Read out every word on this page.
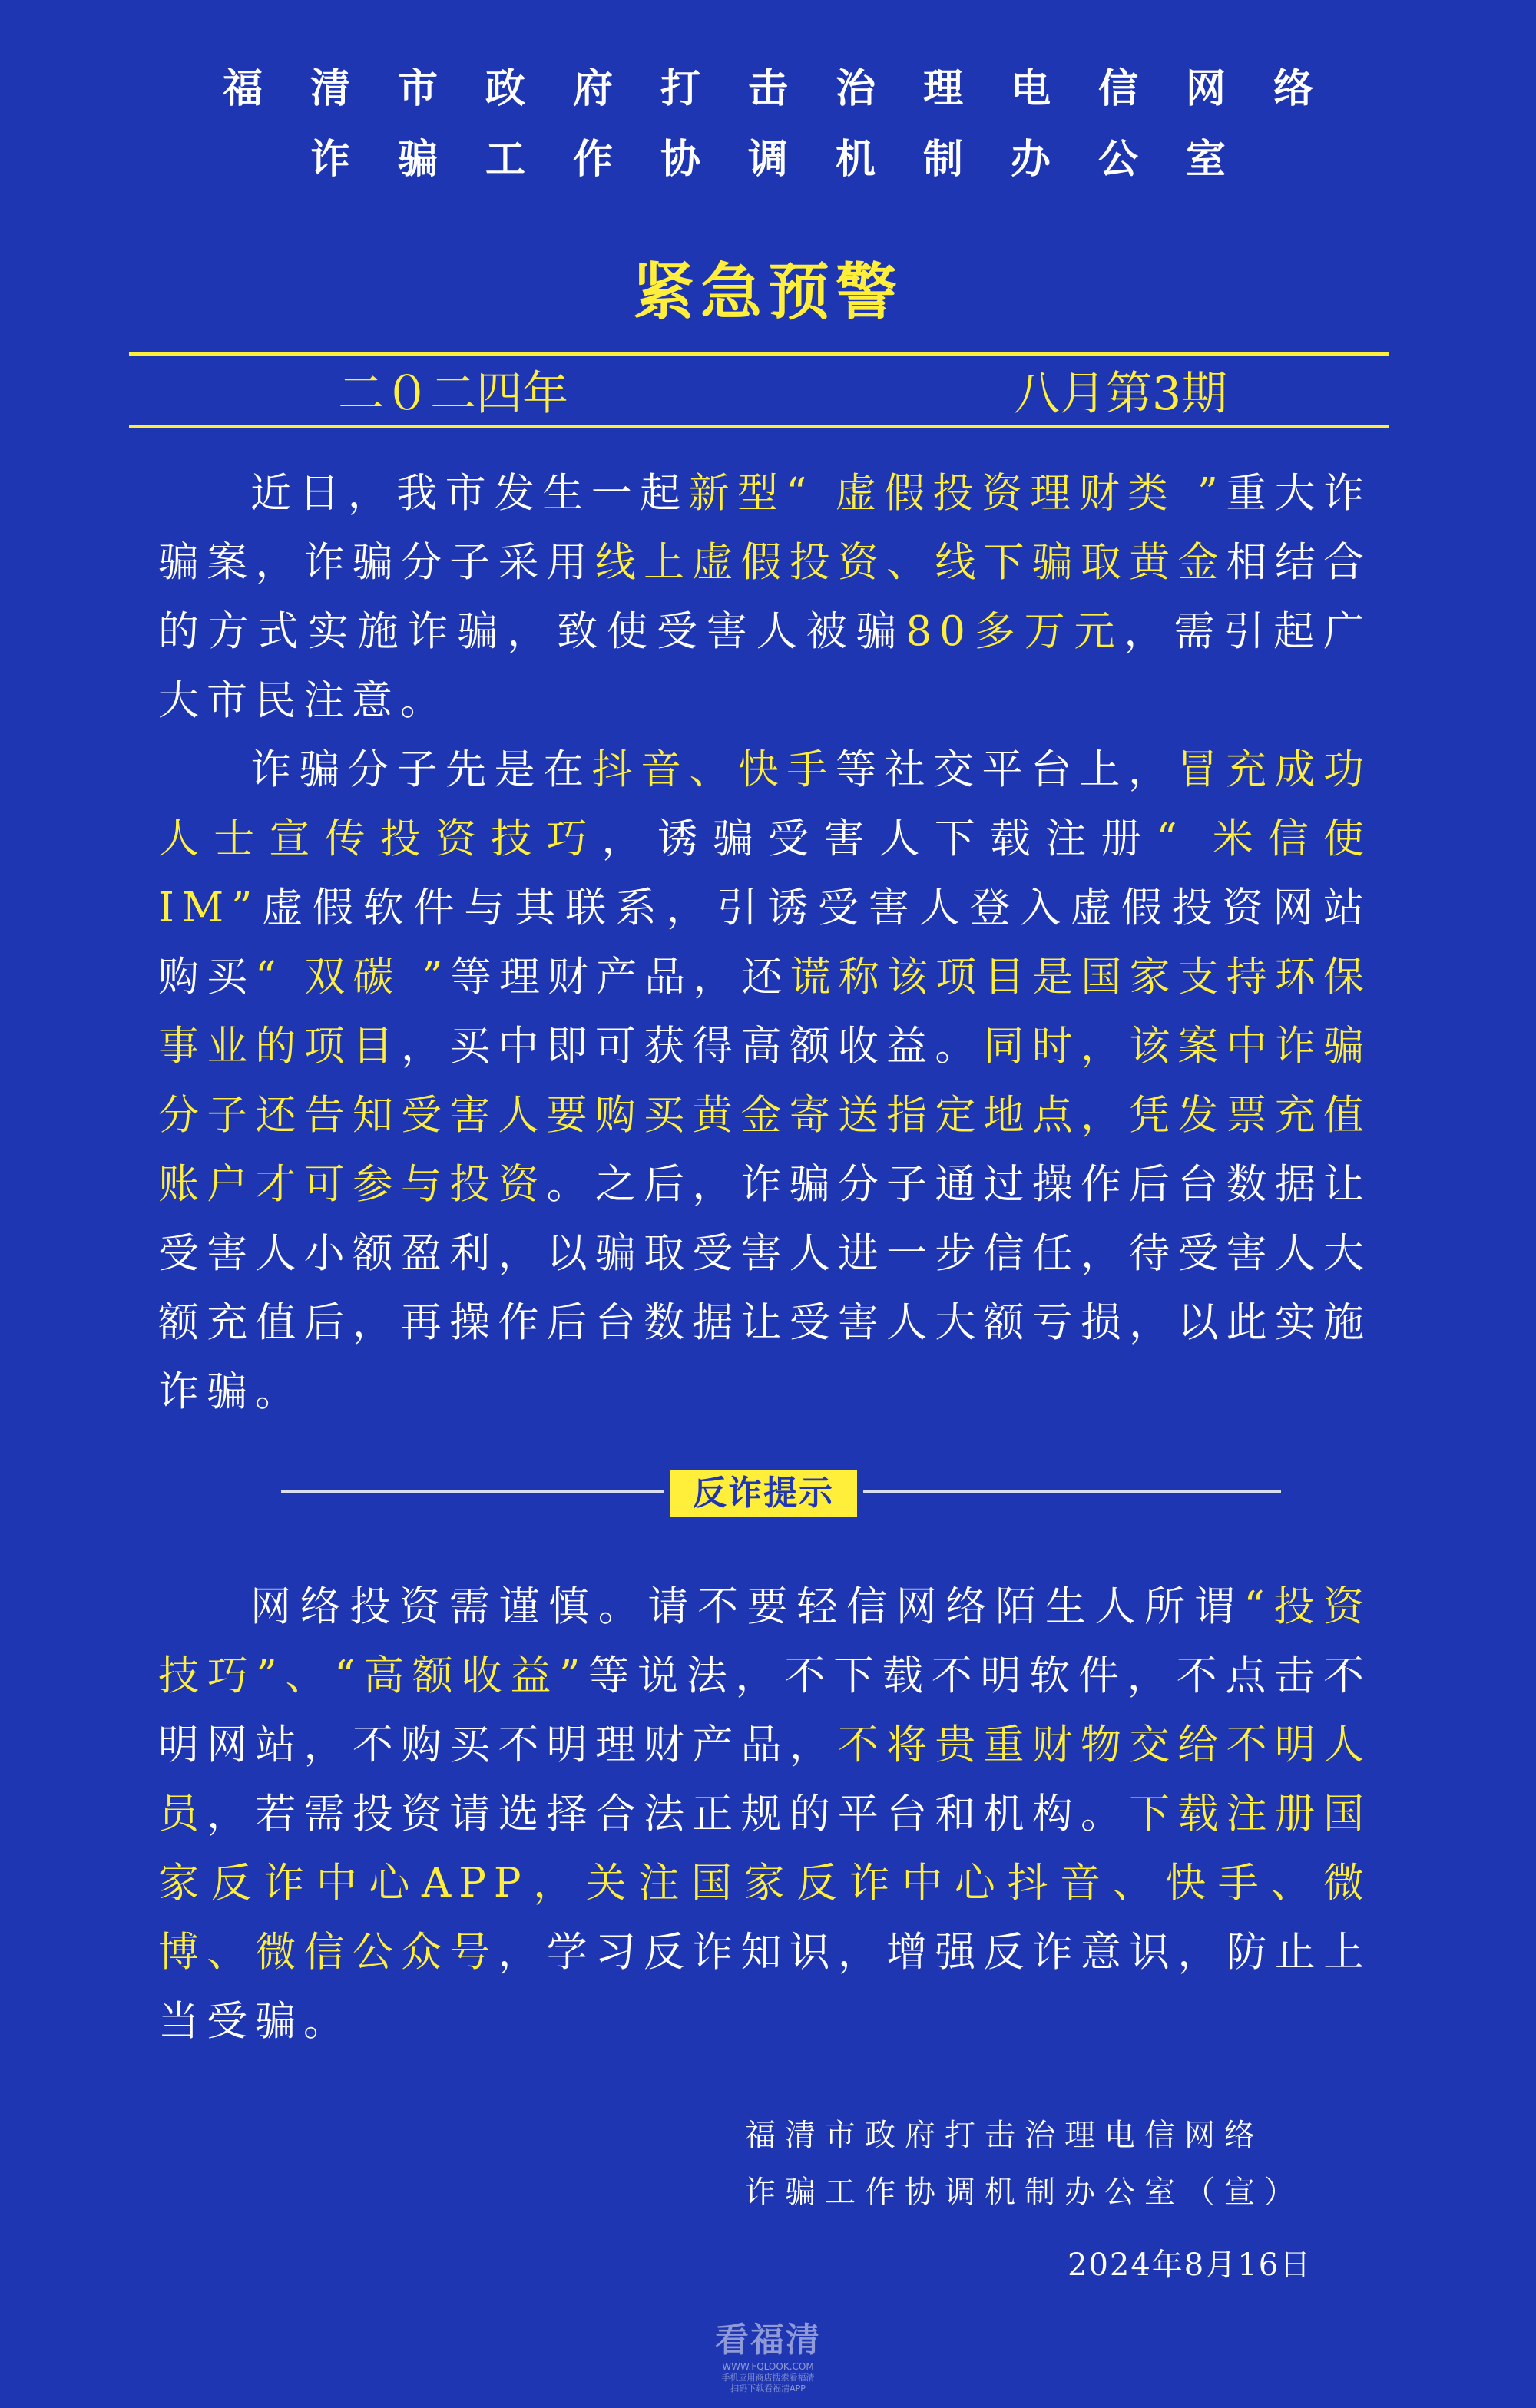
福清市政府打击治理电信网络
诈骗工作协调机制办公室
紧急预警
二０二四年	八月第3期

近日，我市发生一起新型“ 虚假投资理财类 ”重大诈骗案，诈骗分子采用线上虚假投资、线下骗取黄金相结合的方式实施诈骗，致使受害人被骗80多万元，需引起广大市民注意。

诈骗分子先是在抖音、快手等社交平台上，冒充成功人士宣传投资技巧，诱骗受害人下载注册“ 米信使 IM”虚假软件与其联系，引诱受害人登入虚假投资网站购买“ 双碳 ”等理财产品，还谎称该项目是国家支持环保事业的项目，买中即可获得高额收益。同时，该案中诈骗分子还告知受害人要购买黄金寄送指定地点，凭发票充值账户才可参与投资。之后，诈骗分子通过操作后台数据让受害人小额盈利，以骗取受害人进一步信任，待受害人大额充值后，再操作后台数据让受害人大额亏损，以此实施诈骗。

反诈提示

网络投资需谨慎。请不要轻信网络陌生人所谓“投资技巧”、“高额收益”等说法，不下载不明软件，不点击不明网站，不购买不明理财产品，不将贵重财物交给不明人员，若需投资请选择合法正规的平台和机构。下载注册国家反诈中心APP，关注国家反诈中心抖音、快手、微博、微信公众号，学习反诈知识，增强反诈意识，防止上当受骗。

福清市政府打击治理电信网络
诈骗工作协调机制办公室（宣）
2024年8月16日
看福清
WWW.FQLOOK.COM
手机应用商店搜索看福清
扫码下载看福清APP
